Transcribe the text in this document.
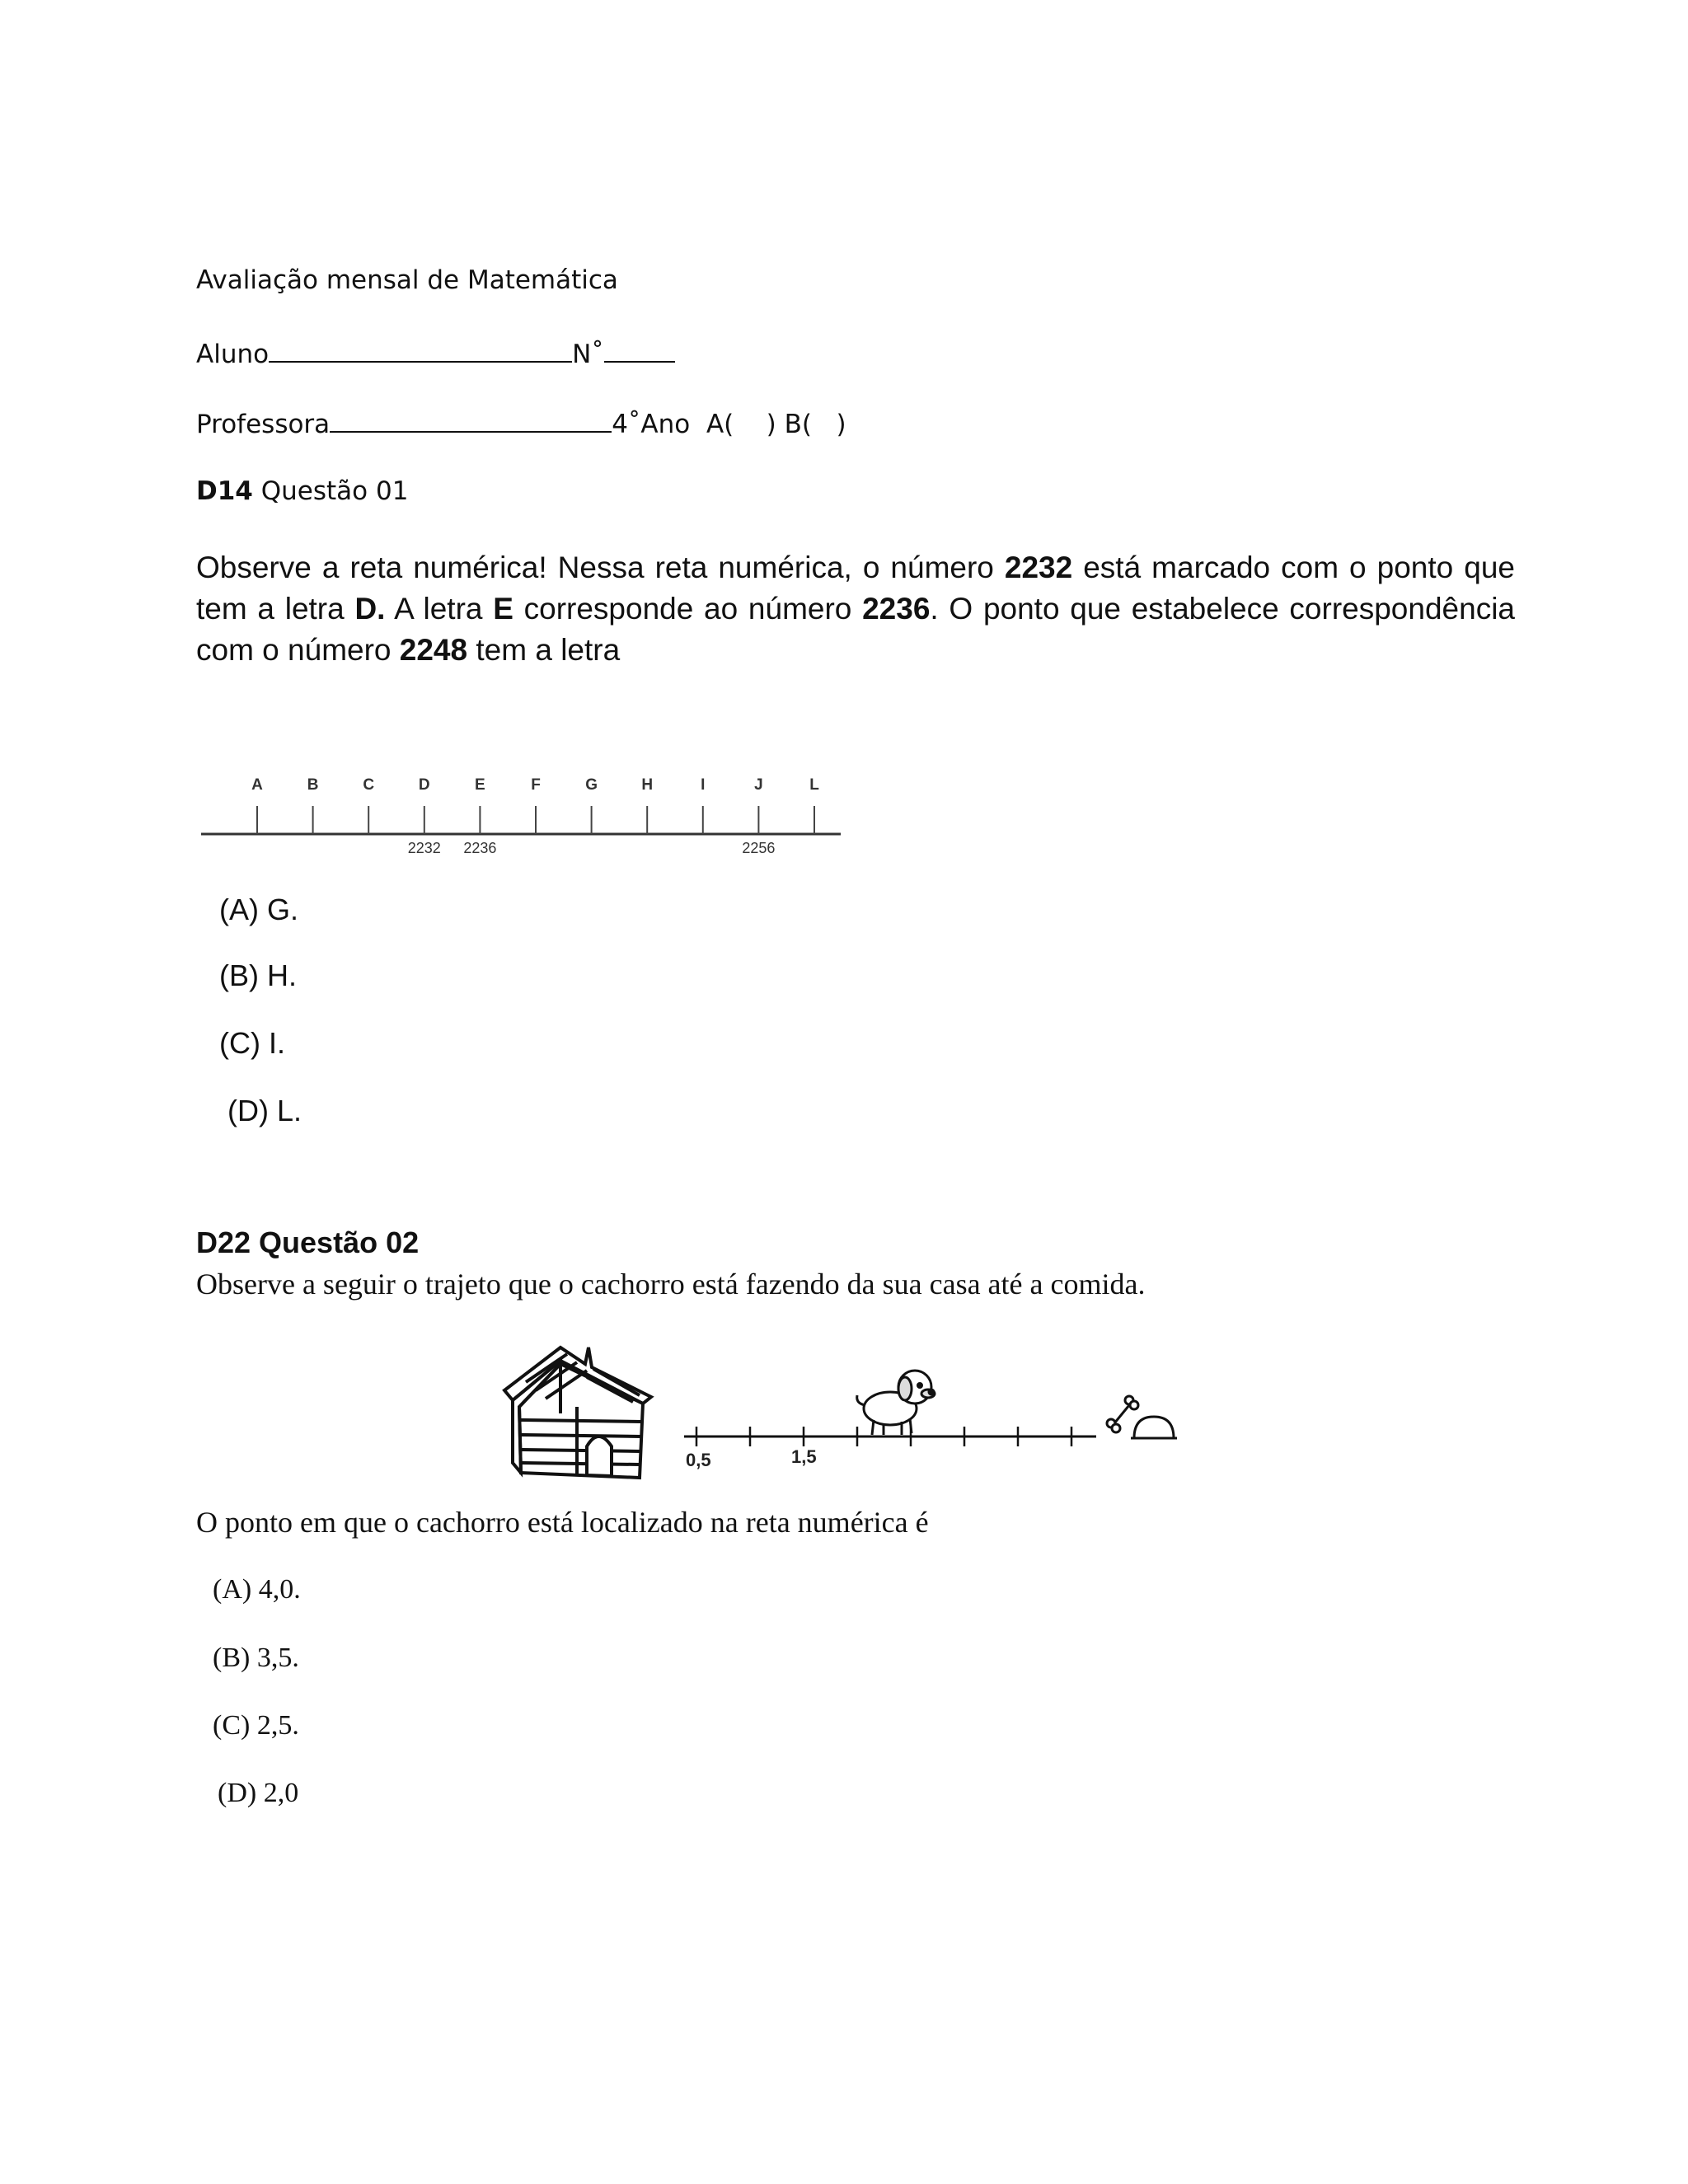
Avaliação mensal de Matemática
Aluno	N˚
Professora	4˚Ano  A(    ) B(   )
D14 Questão 01
Observe a reta numérica! Nessa reta numérica, o número 2232 está marcado com o ponto que tem a letra D. A letra E corresponde ao número 2236. O ponto que estabelece correspondência com o número 2248 tem a letra
A	B	C	D
2232
E
2236
F	G	H	I	J
2256
L
(A) G.
(B) H.
(C) I.
(D) L.
D22 Questão 02
Observe a seguir o trajeto que o cachorro está fazendo da sua casa até a comida.
0,5	1,5
O ponto em que o cachorro está localizado na reta numérica é
(A) 4,0.
(B) 3,5.
(C) 2,5.
(D) 2,0
